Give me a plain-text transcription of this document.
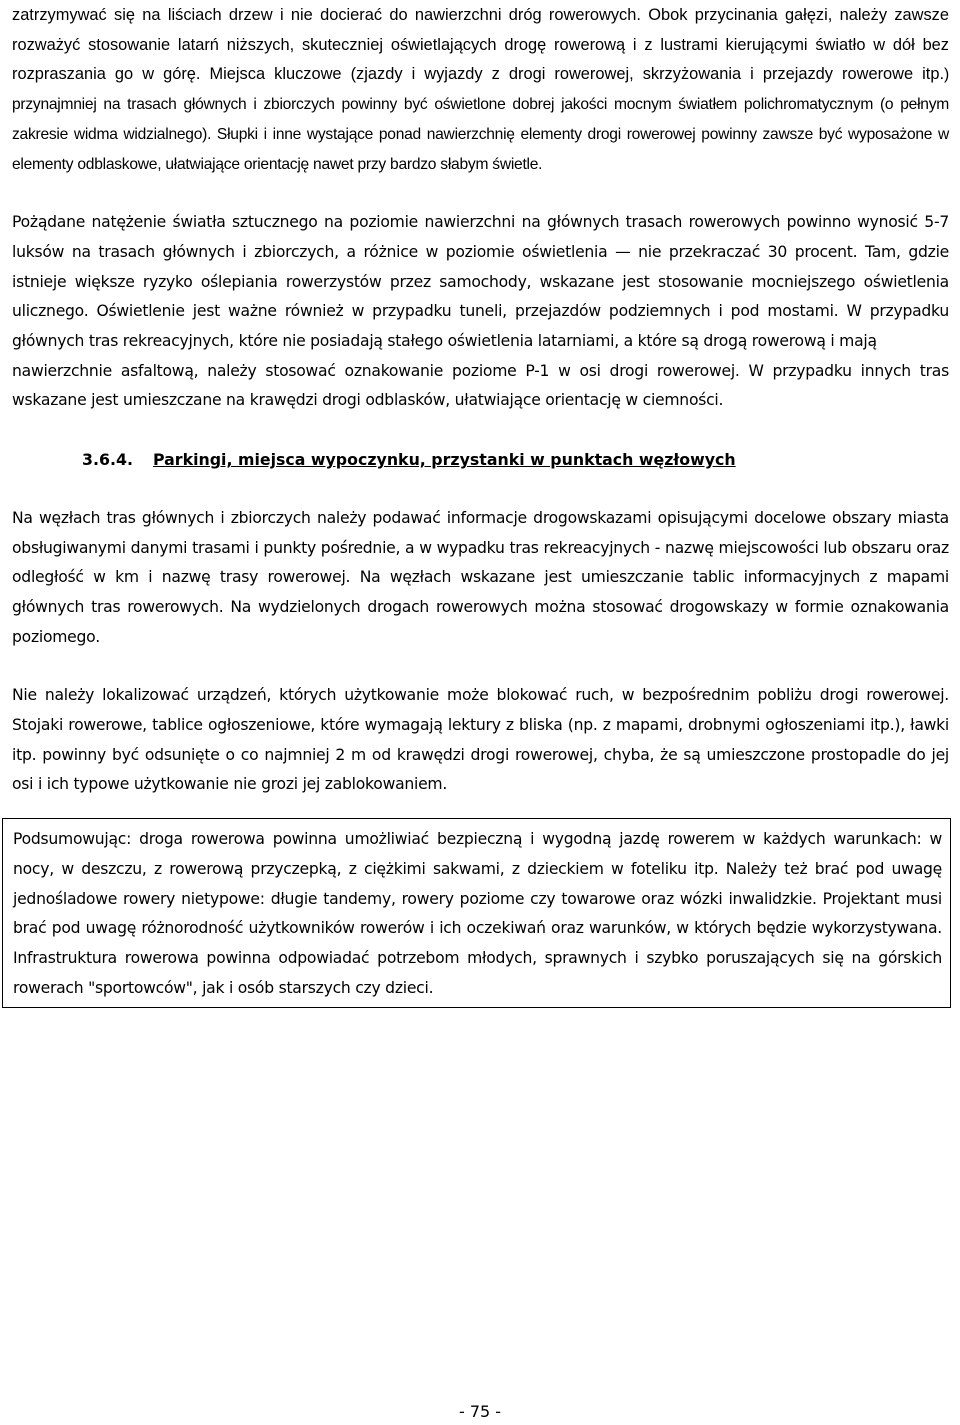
zatrzymywać się na liściach drzew i nie docierać do nawierzchni dróg rowerowych. Obok przycinania gałęzi, należy zawsze rozważyć stosowanie latarń niższych, skuteczniej oświetlających drogę rowerową i z lustrami kierującymi światło w dół bez rozpraszania go w górę. Miejsca kluczowe (zjazdy i wyjazdy z drogi rowerowej, skrzyżowania i przejazdy rowerowe itp.) przynajmniej na trasach głównych i zbiorczych powinny być oświetlone dobrej jakości mocnym światłem polichromatycznym (o pełnym zakresie widma widzialnego). Słupki i inne wystające ponad nawierzchnię elementy drogi rowerowej powinny zawsze być wyposażone w elementy odblaskowe, ułatwiające orientację nawet przy bardzo słabym świetle.

Pożądane natężenie światła sztucznego na poziomie nawierzchni na głównych trasach rowerowych powinno wynosić 5-7 luksów na trasach głównych i zbiorczych, a różnice w poziomie oświetlenia — nie przekraczać 30 procent. Tam, gdzie istnieje większe ryzyko oślepiania rowerzystów przez samochody, wskazane jest stosowanie mocniejszego oświetlenia ulicznego. Oświetlenie jest ważne również w przypadku tuneli, przejazdów podziemnych i pod mostami. W przypadku głównych tras rekreacyjnych, które nie posiadają stałego oświetlenia latarniami, a które są drogą rowerową i mają
nawierzchnie asfaltową, należy stosować oznakowanie poziome P-1 w osi drogi rowerowej. W przypadku innych tras wskazane jest umieszczane na krawędzi drogi odblasków, ułatwiające orientację w ciemności.

3.6.4. Parkingi, miejsca wypoczynku, przystanki w punktach węzłowych

Na węzłach tras głównych i zbiorczych należy podawać informacje drogowskazami opisującymi docelowe obszary miasta obsługiwanymi danymi trasami i punkty pośrednie, a w wypadku tras rekreacyjnych - nazwę miejscowości lub obszaru oraz odległość w km i nazwę trasy rowerowej. Na węzłach wskazane jest umieszczanie tablic informacyjnych z mapami głównych tras rowerowych. Na wydzielonych drogach rowerowych można stosować drogowskazy w formie oznakowania poziomego.

Nie należy lokalizować urządzeń, których użytkowanie może blokować ruch, w bezpośrednim pobliżu drogi rowerowej. Stojaki rowerowe, tablice ogłoszeniowe, które wymagają lektury z bliska (np. z mapami, drobnymi ogłoszeniami itp.), ławki itp. powinny być odsunięte o co najmniej 2 m od krawędzi drogi rowerowej, chyba, że są umieszczone prostopadle do jej osi i ich typowe użytkowanie nie grozi jej zablokowaniem.

Podsumowując: droga rowerowa powinna umożliwiać bezpieczną i wygodną jazdę rowerem w każdych warunkach: w nocy, w deszczu, z rowerową przyczepką, z ciężkimi sakwami, z dzieckiem w foteliku itp. Należy też brać pod uwagę jednośladowe rowery nietypowe: długie tandemy, rowery poziome czy towarowe oraz wózki inwalidzkie. Projektant musi brać pod uwagę różnorodność użytkowników rowerów i ich oczekiwań oraz warunków, w których będzie wykorzystywana. Infrastruktura rowerowa powinna odpowiadać potrzebom młodych, sprawnych i szybko poruszających się na górskich rowerach "sportowców", jak i osób starszych czy dzieci.

- 75 -
